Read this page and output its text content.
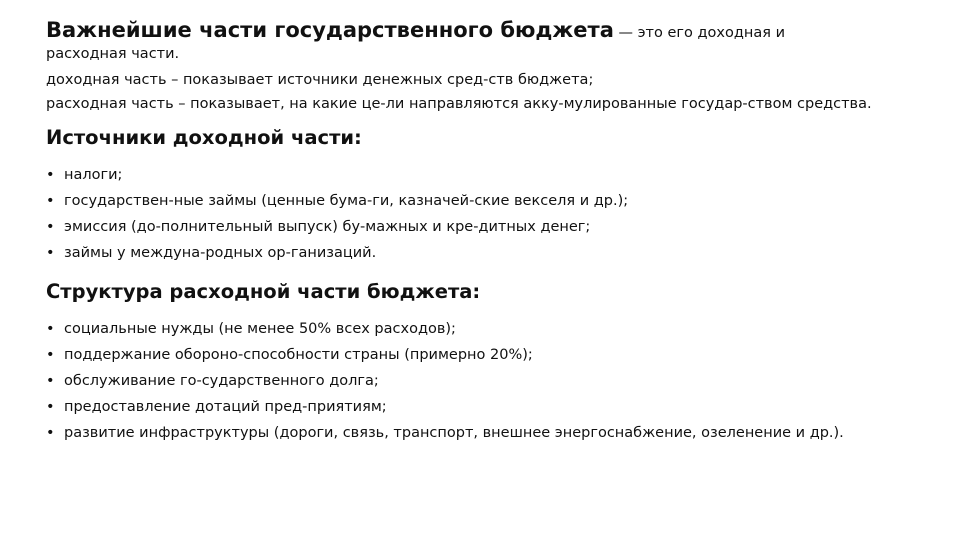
Важнейшие части государственного бюджета — это его доходная и

расходная части.

доходная часть – показывает источники денежных сред-ств бюджета;

расходная часть – показывает, на какие це-ли направляются акку-мулированные государ-ством средства.

Источники доходной части:
• налоги;
• государствен-ные займы (ценные бума-ги, казначей-ские векселя и др.);
• эмиссия (до-полнительный выпуск) бу-мажных и кре-дитных денег;
• займы у междуна-родных ор-ганизаций.
Структура расходной части бюджета:
• социальные нужды (не менее 50% всех расходов);
• поддержание обороно-способности страны (примерно 20%);
• обслуживание го-сударственного долга;
• предоставление дотаций пред-приятиям;
• развитие инфраструктуры (дороги, связь, транспорт, внешнее энергоснабжение, озеленение и др.).
